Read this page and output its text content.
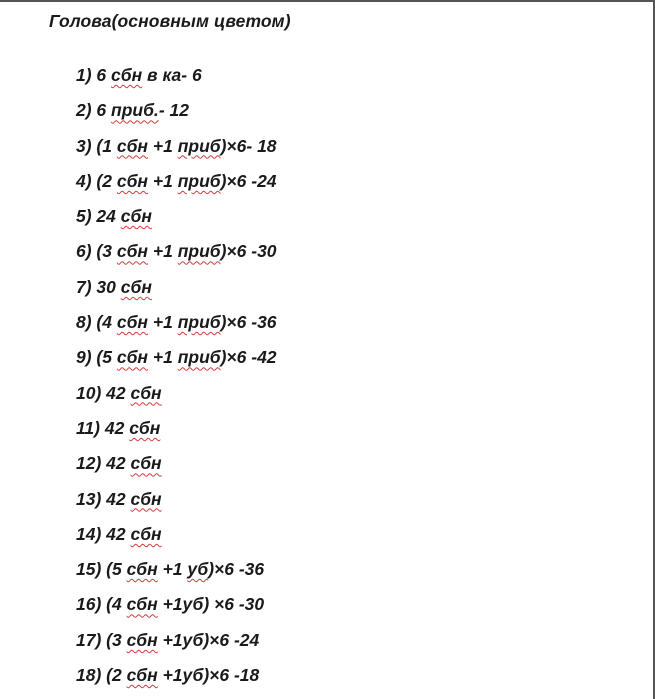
Голова(основным цветом)
1) 6 сбн в ка- 6
2) 6 приб.- 12
3) (1 сбн +1 приб)×6- 18
4) (2 сбн +1 приб)×6 -24
5) 24 сбн
6) (3 сбн +1 приб)×6 -30
7) 30 сбн
8) (4 сбн +1 приб)×6 -36
9) (5 сбн +1 приб)×6 -42
10) 42 сбн
11) 42 сбн
12) 42 сбн
13) 42 сбн
14) 42 сбн
15) (5 сбн +1 уб)×6 -36
16) (4 сбн +1уб) ×6 -30
17) (3 сбн +1уб)×6 -24
18) (2 сбн +1уб)×6 -18
